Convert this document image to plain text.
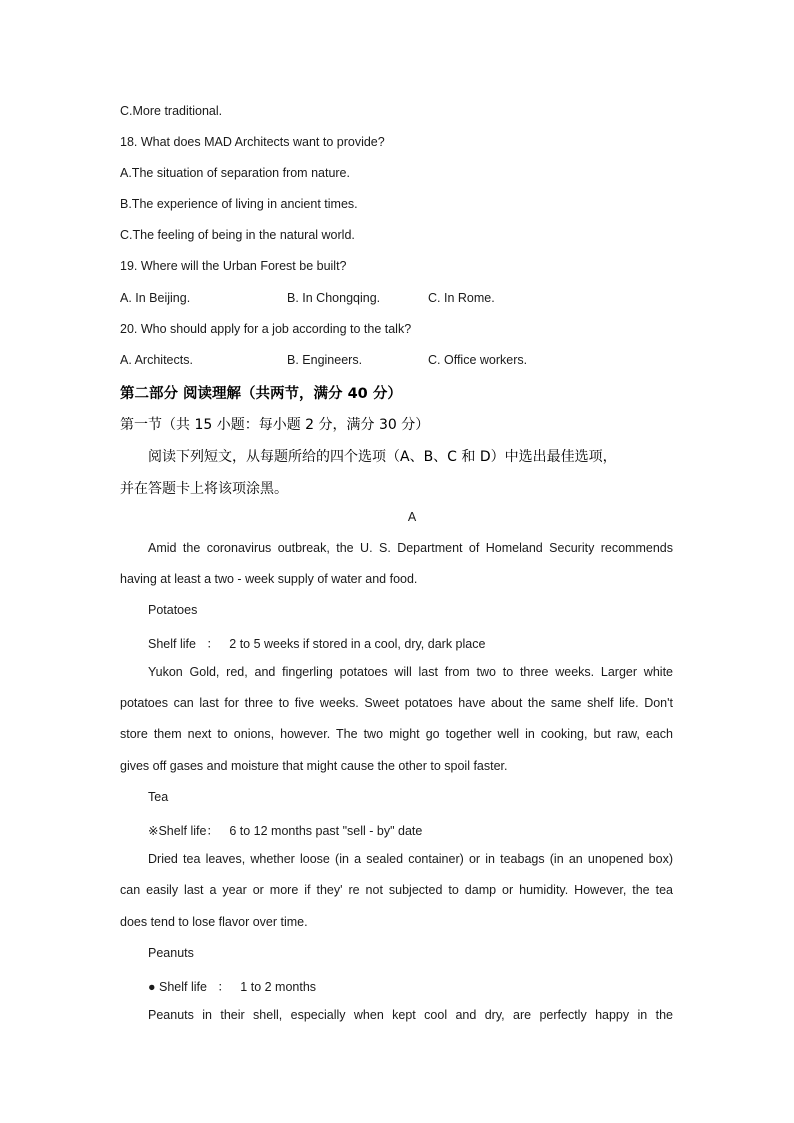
C.More traditional.
18. What does MAD Architects want to provide?
A.The situation of separation from nature.
B.The experience of living in ancient times.
C.The feeling of being in the natural world.
19. Where will the Urban Forest be built?
A. In Beijing.	B. In Chongqing.	C. In Rome.
20. Who should apply for a job according to the talk?
A. Architects.	B. Engineers.	C. Office workers.
第二部分 阅读理解（共两节，满分 40 分）
第一节（共 15 小题：每小题 2 分，满分 30 分）
阅读下列短文，从每题所给的四个选项（A、B、C 和 D）中选出最佳选项，
并在答题卡上将该项涂黑。
A
Amid the coronavirus outbreak, the U. S. Department of Homeland Security recommends
having at least a two - week supply of water and food.
Potatoes
Shelf life   ：   2 to 5 weeks if stored in a cool, dry, dark place
Yukon Gold, red, and fingerling potatoes will last from two to three weeks. Larger white
potatoes can last for three to five weeks. Sweet potatoes have about the same shelf life. Don't
store them next to onions, however. The two might go together well in cooking, but raw, each
gives off gases and moisture that might cause the other to spoil faster.
Tea
※Shelf life：   6 to 12 months past "sell - by" date
Dried tea leaves, whether loose (in a sealed container) or in teabags (in an unopened box)
can easily last a year or more if they' re not subjected to damp or humidity. However, the tea
does tend to lose flavor over time.
Peanuts
● Shelf life   ：   1 to 2 months
Peanuts in their shell, especially when kept cool and dry, are perfectly happy in the
